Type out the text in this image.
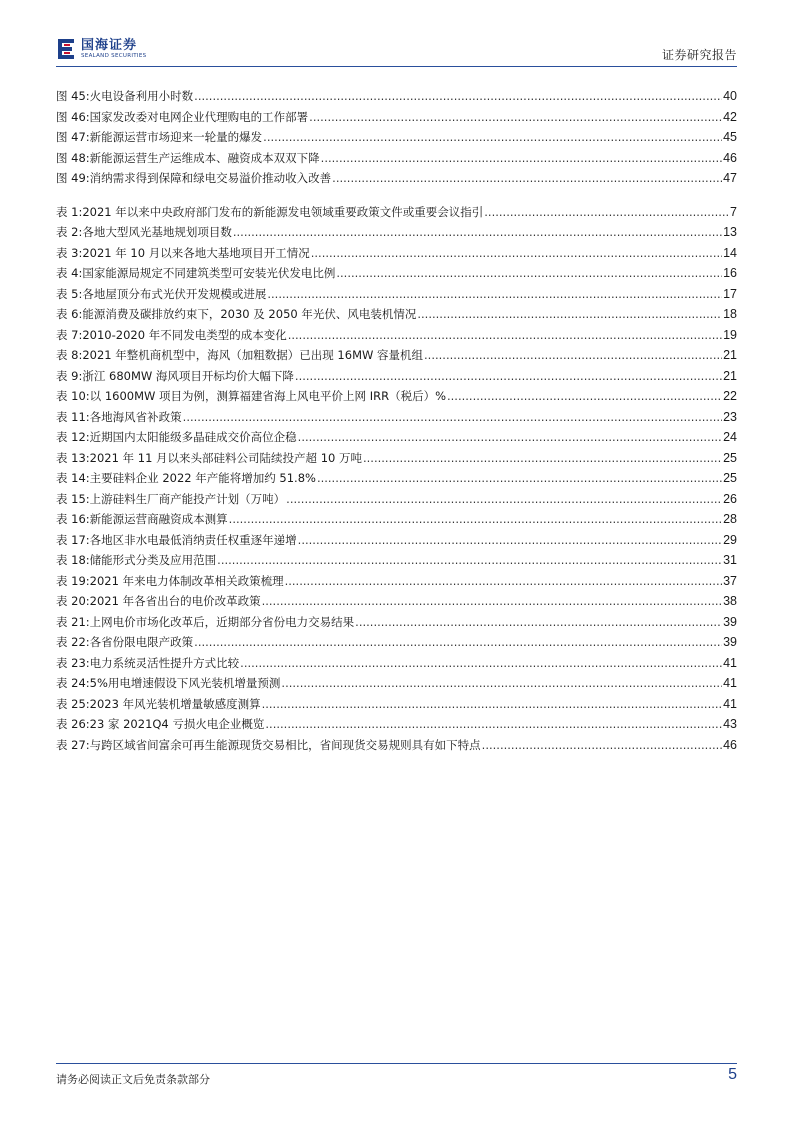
国海证券
SEALAND SECURITIES	证券研究报告
图 45: 火电设备利用小时数 .....	40
图 46: 国家发改委对电网企业代理购电的工作部署 .....	42
图 47: 新能源运营市场迎来一轮量的爆发 .....	45
图 48: 新能源运营生产运维成本、融资成本双双下降 .....	46
图 49: 消纳需求得到保障和绿电交易溢价推动收入改善 .....	47
表 1: 2021 年以来中央政府部门发布的新能源发电领域重要政策文件或重要会议指引 .....	7
表 2: 各地大型风光基地规划项目数 .....	13
表 3: 2021 年 10 月以来各地大基地项目开工情况 .....	14
表 4: 国家能源局规定不同建筑类型可安装光伏发电比例 .....	16
表 5: 各地屋顶分布式光伏开发规模或进展 .....	17
表 6: 能源消费及碳排放约束下，2030 及 2050 年光伏、风电装机情况 .....	18
表 7: 2010-2020 年不同发电类型的成本变化 .....	19
表 8: 2021 年整机商机型中，海风（加粗数据）已出现 16MW 容量机组 .....	21
表 9: 浙江 680MW 海风项目开标均价大幅下降 .....	21
表 10: 以 1600MW 项目为例，测算福建省海上风电平价上网 IRR（税后）% .....	22
表 11: 各地海风省补政策 .....	23
表 12: 近期国内太阳能级多晶硅成交价高位企稳 .....	24
表 13: 2021 年 11 月以来头部硅料公司陆续投产超 10 万吨 .....	25
表 14: 主要硅料企业 2022 年产能将增加约 51.8% .....	25
表 15: 上游硅料生厂商产能投产计划（万吨） .....	26
表 16: 新能源运营商融资成本测算 .....	28
表 17: 各地区非水电最低消纳责任权重逐年递增 .....	29
表 18: 储能形式分类及应用范围 .....	31
表 19: 2021 年来电力体制改革相关政策梳理 .....	37
表 20: 2021 年各省出台的电价改革政策 .....	38
表 21: 上网电价市场化改革后，近期部分省份电力交易结果 .....	39
表 22: 各省份限电限产政策 .....	39
表 23: 电力系统灵活性提升方式比较 .....	41
表 24: 5%用电增速假设下风光装机增量预测 .....	41
表 25: 2023 年风光装机增量敏感度测算 .....	41
表 26: 23 家 2021Q4 亏损火电企业概览 .....	43
表 27: 与跨区域省间富余可再生能源现货交易相比，省间现货交易规则具有如下特点 .....	46
请务必阅读正文后免责条款部分	5
